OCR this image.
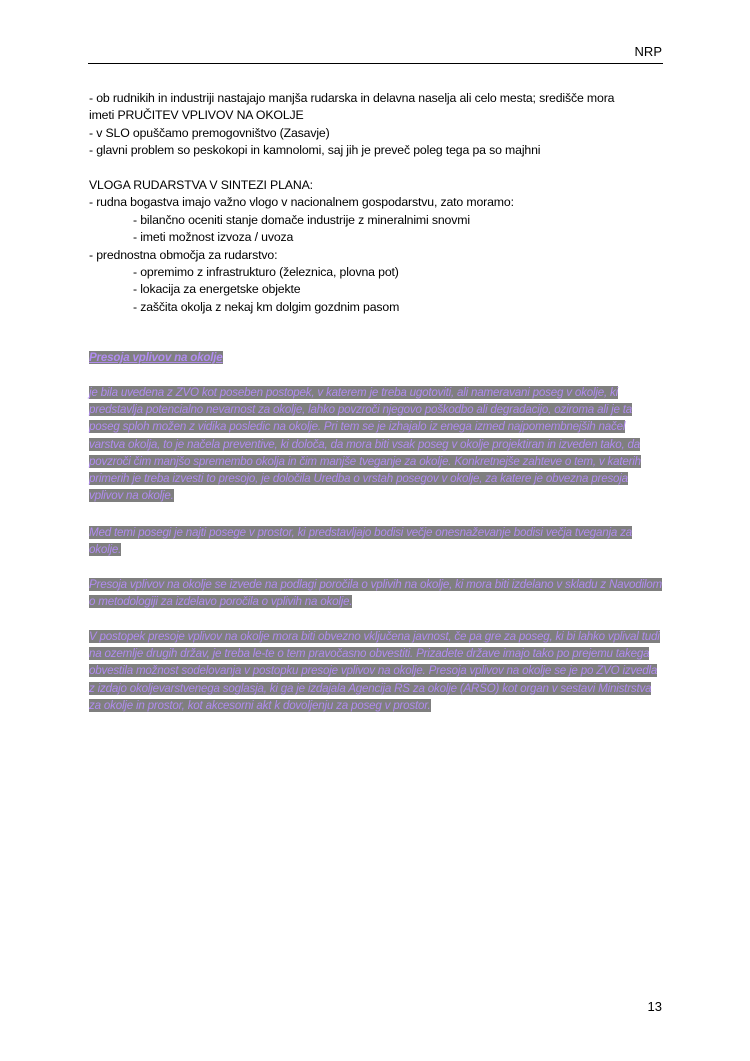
NRP

- ob rudnikih in industriji nastajajo manjša rudarska in delavna naselja ali celo mesta; središče mora

imeti PRUČITEV VPLIVOV NA OKOLJE

- v SLO opuščamo premogovništvo (Zasavje)

- glavni problem so peskokopi in kamnolomi, saj jih je preveč poleg tega pa so majhni

VLOGA RUDARSTVA V SINTEZI PLANA:

- rudna bogastva imajo važno vlogo v nacionalnem gospodarstvu, zato moramo:

- bilančno oceniti stanje domače industrije z mineralnimi snovmi

- imeti možnost izvoza / uvoza

- prednostna območja za rudarstvo:

- opremimo z infrastrukturo (železnica, plovna pot)

- lokacija za energetske objekte

- zaščita okolja z nekaj km dolgim gozdnim pasom

Presoja vplivov na okolje

je bila uvedena z ZVO kot poseben postopek, v katerem je treba ugotoviti, ali nameravani poseg v okolje, ki predstavlja potencialno nevarnost za okolje, lahko povzroči njegovo poškodbo ali degradacijo, oziroma ali je ta poseg sploh možen z vidika posledic na okolje. Pri tem se je izhajalo iz enega izmed najpomembnejših načel varstva okolja, to je načela preventive, ki določa, da mora biti vsak poseg v okolje projektiran in izveden tako, da povzroči čim manjšo spremembo okolja in čim manjše tveganje za okolje. Konkretnejše zahteve o tem, v katerih primerih je treba izvesti to presojo, je določila Uredba o vrstah posegov v okolje, za katere je obvezna presoja vplivov na okolje.

Med temi posegi je najti posege v prostor, ki predstavljajo bodisi večje onesnaževanje bodisi večja tveganja za okolje.

Presoja vplivov na okolje se izvede na podlagi poročila o vplivih na okolje, ki mora biti izdelano v skladu z Navodilom o metodologiji za izdelavo poročila o vplivih na okolje.

V postopek presoje vplivov na okolje mora biti obvezno vključena javnost, če pa gre za poseg, ki bi lahko vplival tudi na ozemlje drugih držav, je treba le-te o tem pravočasno obvestiti. Prizadete države imajo tako po prejemu takega obvestila možnost sodelovanja v postopku presoje vplivov na okolje. Presoja vplivov na okolje se je po ZVO izvedla z izdajo okoljevarstvenega soglasja, ki ga je izdajala Agencija RS za okolje (ARSO) kot organ v sestavi Ministrstva za okolje in prostor, kot akcesorni akt k dovoljenju za poseg v prostor.

13
